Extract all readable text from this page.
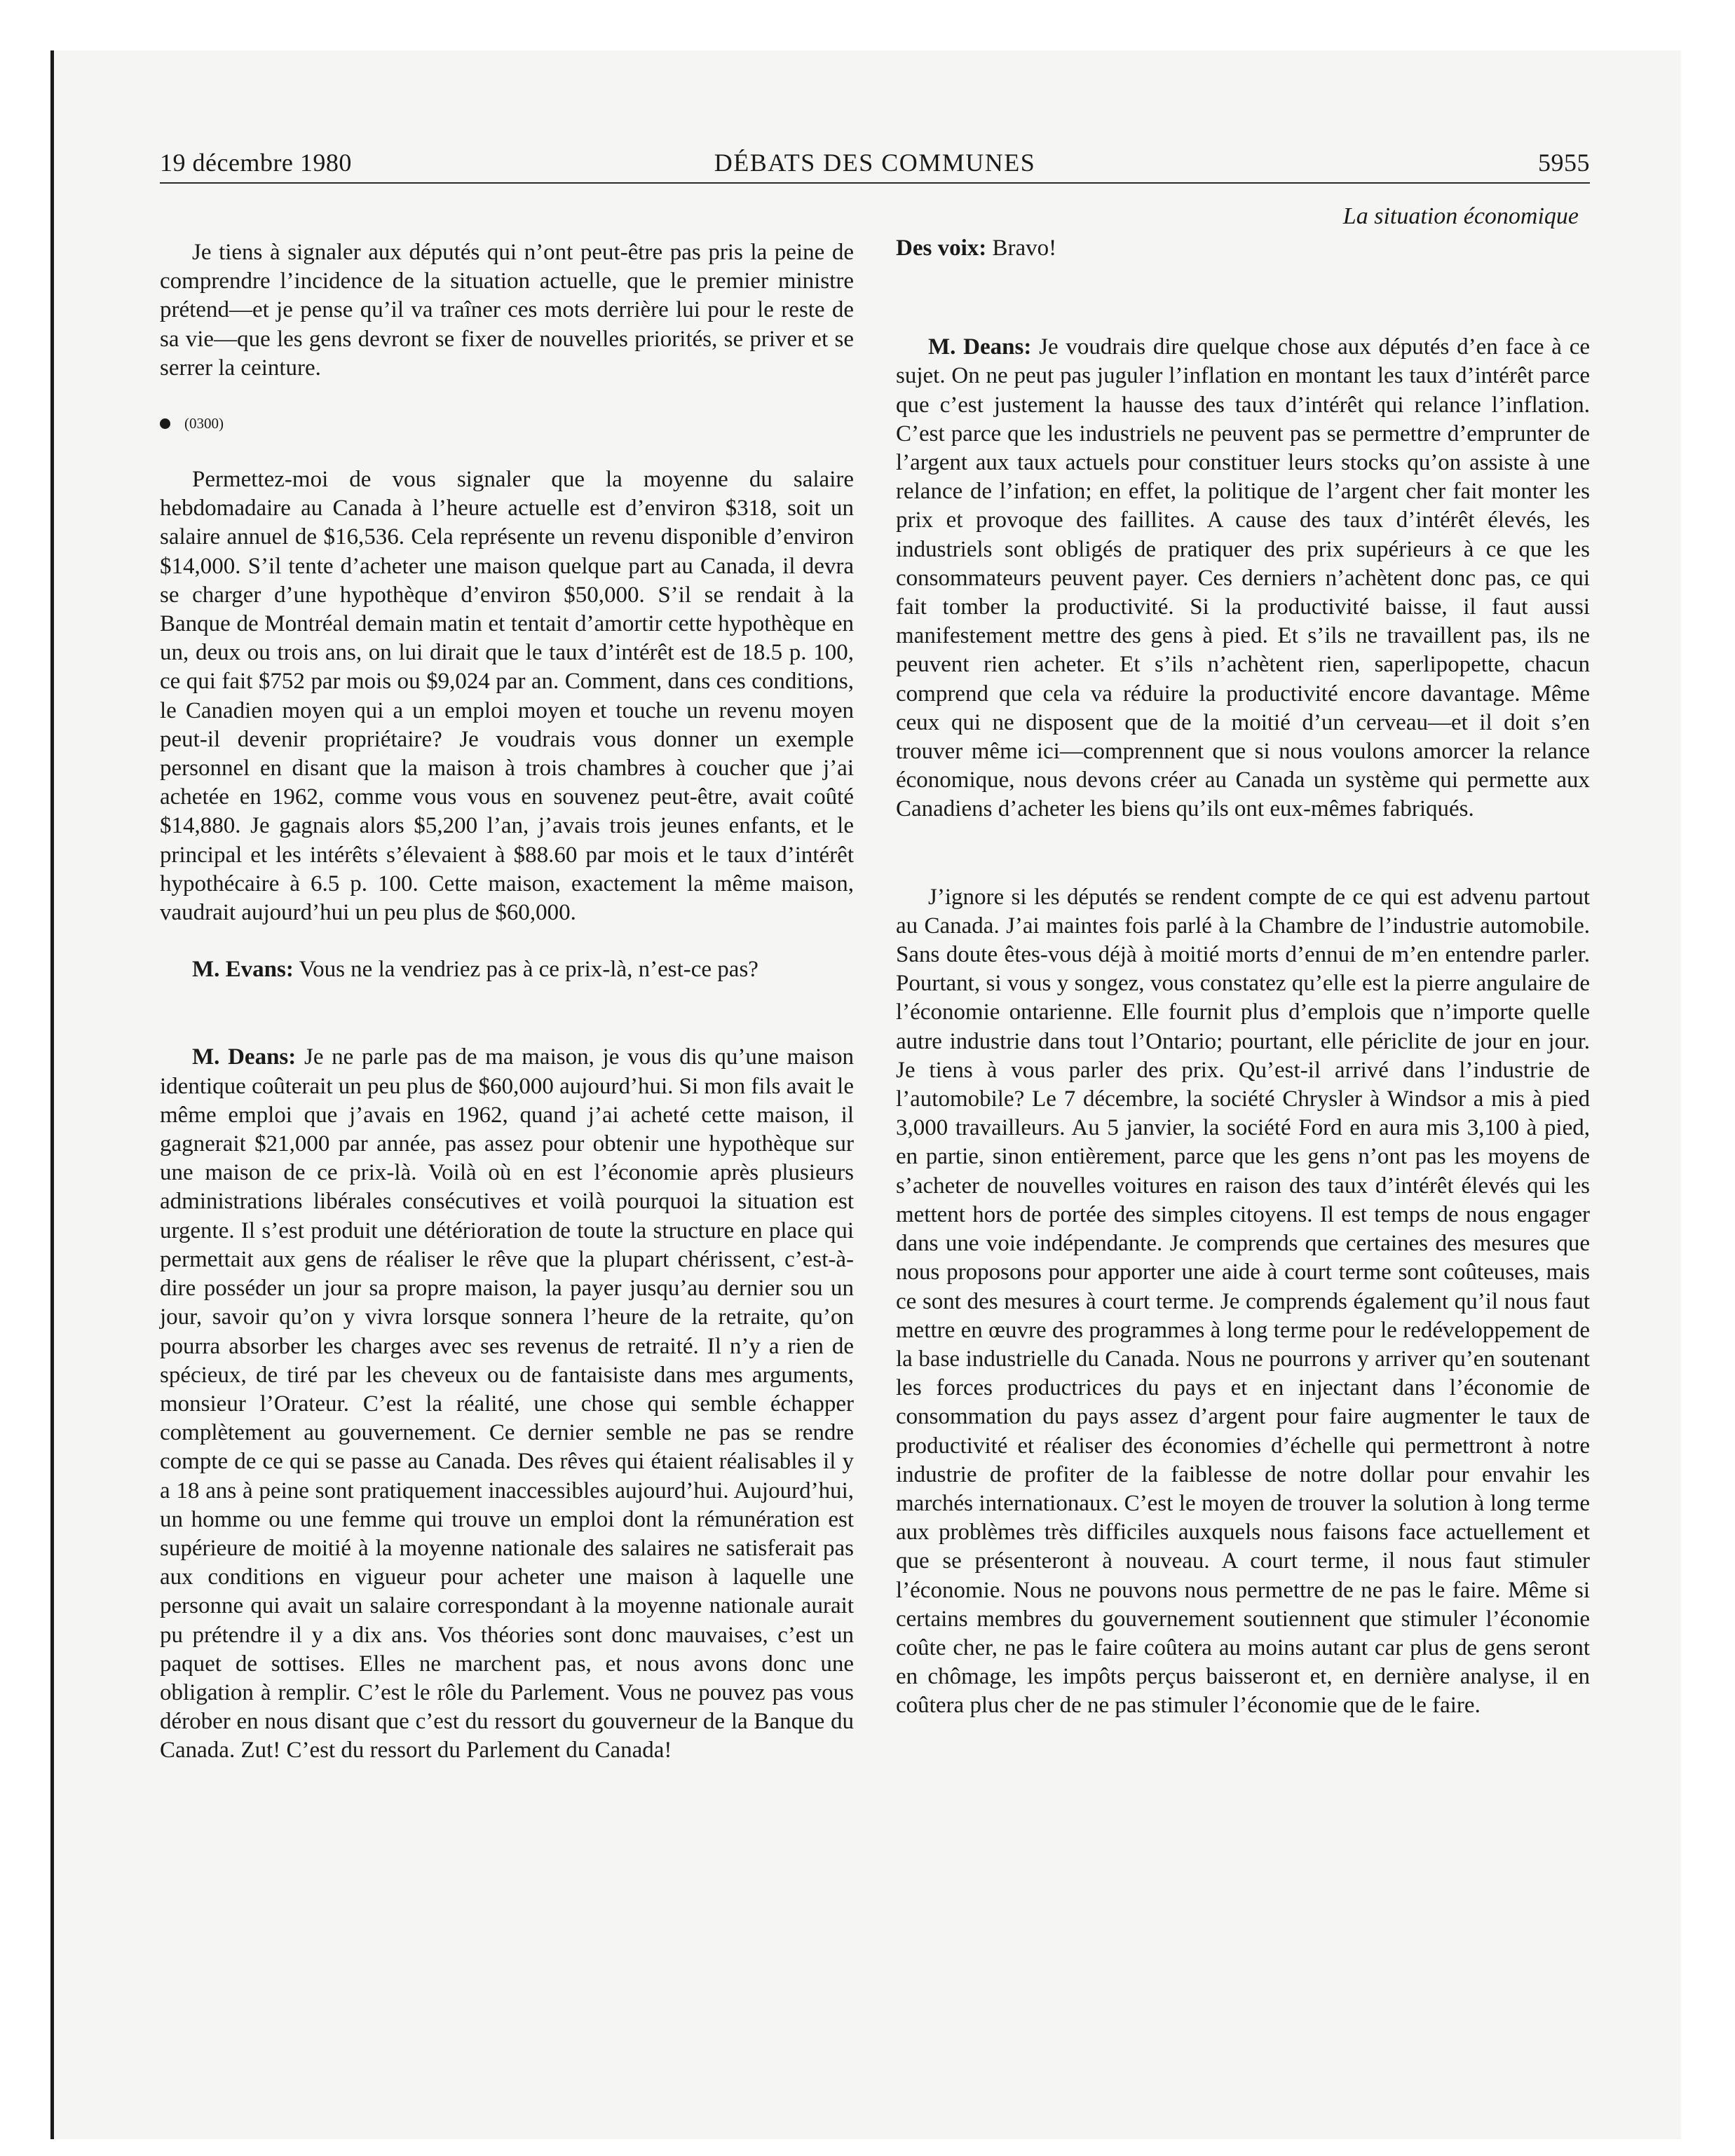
19 décembre 1980	DÉBATS DES COMMUNES	5955

Je tiens à signaler aux députés qui n’ont peut-être pas pris la peine de comprendre l’incidence de la situation actuelle, que le premier ministre prétend—et je pense qu’il va traîner ces mots derrière lui pour le reste de sa vie—que les gens devront se fixer de nouvelles priorités, se priver et se serrer la ceinture.

(0300)

Permettez-moi de vous signaler que la moyenne du salaire hebdomadaire au Canada à l’heure actuelle est d’environ $318, soit un salaire annuel de $16,536. Cela représente un revenu disponible d’environ $14,000. S’il tente d’acheter une maison quelque part au Canada, il devra se charger d’une hypothèque d’environ $50,000. S’il se rendait à la Banque de Montréal demain matin et tentait d’amortir cette hypothèque en un, deux ou trois ans, on lui dirait que le taux d’intérêt est de 18.5 p. 100, ce qui fait $752 par mois ou $9,024 par an. Comment, dans ces conditions, le Canadien moyen qui a un emploi moyen et touche un revenu moyen peut-il devenir propriétaire? Je voudrais vous donner un exemple personnel en disant que la maison à trois chambres à coucher que j’ai achetée en 1962, comme vous vous en souvenez peut-être, avait coûté $14,880. Je gagnais alors $5,200 l’an, j’avais trois jeunes enfants, et le principal et les intérêts s’élevaient à $88.60 par mois et le taux d’intérêt hypothécaire à 6.5 p. 100. Cette maison, exactement la même maison, vaudrait aujourd’hui un peu plus de $60,000.

M. Evans: Vous ne la vendriez pas à ce prix-là, n’est-ce pas?

M. Deans: Je ne parle pas de ma maison, je vous dis qu’une maison identique coûterait un peu plus de $60,000 aujourd’hui. Si mon fils avait le même emploi que j’avais en 1962, quand j’ai acheté cette maison, il gagnerait $21,000 par année, pas assez pour obtenir une hypothèque sur une maison de ce prix-là. Voilà où en est l’économie après plusieurs administrations libérales consécutives et voilà pourquoi la situation est urgente. Il s’est produit une détérioration de toute la structure en place qui permettait aux gens de réaliser le rêve que la plupart chérissent, c’est-à-dire posséder un jour sa propre maison, la payer jusqu’au dernier sou un jour, savoir qu’on y vivra lorsque sonnera l’heure de la retraite, qu’on pourra absorber les charges avec ses revenus de retraité. Il n’y a rien de spécieux, de tiré par les cheveux ou de fantaisiste dans mes arguments, monsieur l’Orateur. C’est la réalité, une chose qui semble échapper complètement au gouvernement. Ce dernier semble ne pas se rendre compte de ce qui se passe au Canada. Des rêves qui étaient réalisables il y a 18 ans à peine sont pratiquement inaccessibles aujourd’hui. Aujourd’hui, un homme ou une femme qui trouve un emploi dont la rémunération est supérieure de moitié à la moyenne nationale des salaires ne satisferait pas aux conditions en vigueur pour acheter une maison à laquelle une personne qui avait un salaire correspondant à la moyenne nationale aurait pu prétendre il y a dix ans. Vos théories sont donc mauvaises, c’est un paquet de sottises. Elles ne marchent pas, et nous avons donc une obligation à remplir. C’est le rôle du Parlement. Vous ne pouvez pas vous dérober en nous disant que c’est du ressort du gouverneur de la Banque du Canada. Zut! C’est du ressort du Parlement du Canada!

La situation économique

Des voix: Bravo!

M. Deans: Je voudrais dire quelque chose aux députés d’en face à ce sujet. On ne peut pas juguler l’inflation en montant les taux d’intérêt parce que c’est justement la hausse des taux d’intérêt qui relance l’inflation. C’est parce que les industriels ne peuvent pas se permettre d’emprunter de l’argent aux taux actuels pour constituer leurs stocks qu’on assiste à une relance de l’infation; en effet, la politique de l’argent cher fait monter les prix et provoque des faillites. A cause des taux d’intérêt élevés, les industriels sont obligés de pratiquer des prix supérieurs à ce que les consommateurs peuvent payer. Ces derniers n’achètent donc pas, ce qui fait tomber la productivité. Si la productivité baisse, il faut aussi manifestement mettre des gens à pied. Et s’ils ne travaillent pas, ils ne peuvent rien acheter. Et s’ils n’achètent rien, saperlipopette, chacun comprend que cela va réduire la productivité encore davantage. Même ceux qui ne disposent que de la moitié d’un cerveau—et il doit s’en trouver même ici—comprennent que si nous voulons amorcer la relance économique, nous devons créer au Canada un système qui permette aux Canadiens d’acheter les biens qu’ils ont eux-mêmes fabriqués.

J’ignore si les députés se rendent compte de ce qui est advenu partout au Canada. J’ai maintes fois parlé à la Chambre de l’industrie automobile. Sans doute êtes-vous déjà à moitié morts d’ennui de m’en entendre parler. Pourtant, si vous y songez, vous constatez qu’elle est la pierre angulaire de l’économie ontarienne. Elle fournit plus d’emplois que n’importe quelle autre industrie dans tout l’Ontario; pourtant, elle périclite de jour en jour. Je tiens à vous parler des prix. Qu’est-il arrivé dans l’industrie de l’automobile? Le 7 décembre, la société Chrysler à Windsor a mis à pied 3,000 travailleurs. Au 5 janvier, la société Ford en aura mis 3,100 à pied, en partie, sinon entièrement, parce que les gens n’ont pas les moyens de s’acheter de nouvelles voitures en raison des taux d’intérêt élevés qui les mettent hors de portée des simples citoyens. Il est temps de nous engager dans une voie indépendante. Je comprends que certaines des mesures que nous proposons pour apporter une aide à court terme sont coûteuses, mais ce sont des mesures à court terme. Je comprends également qu’il nous faut mettre en œuvre des programmes à long terme pour le redéveloppement de la base industrielle du Canada. Nous ne pourrons y arriver qu’en soutenant les forces productrices du pays et en injectant dans l’économie de consommation du pays assez d’argent pour faire augmenter le taux de productivité et réaliser des économies d’échelle qui permettront à notre industrie de profiter de la faiblesse de notre dollar pour envahir les marchés internationaux. C’est le moyen de trouver la solution à long terme aux problèmes très difficiles auxquels nous faisons face actuellement et que se présenteront à nouveau. A court terme, il nous faut stimuler l’économie. Nous ne pouvons nous permettre de ne pas le faire. Même si certains membres du gouvernement soutiennent que stimuler l’économie coûte cher, ne pas le faire coûtera au moins autant car plus de gens seront en chômage, les impôts perçus baisseront et, en dernière analyse, il en coûtera plus cher de ne pas stimuler l’économie que de le faire.
